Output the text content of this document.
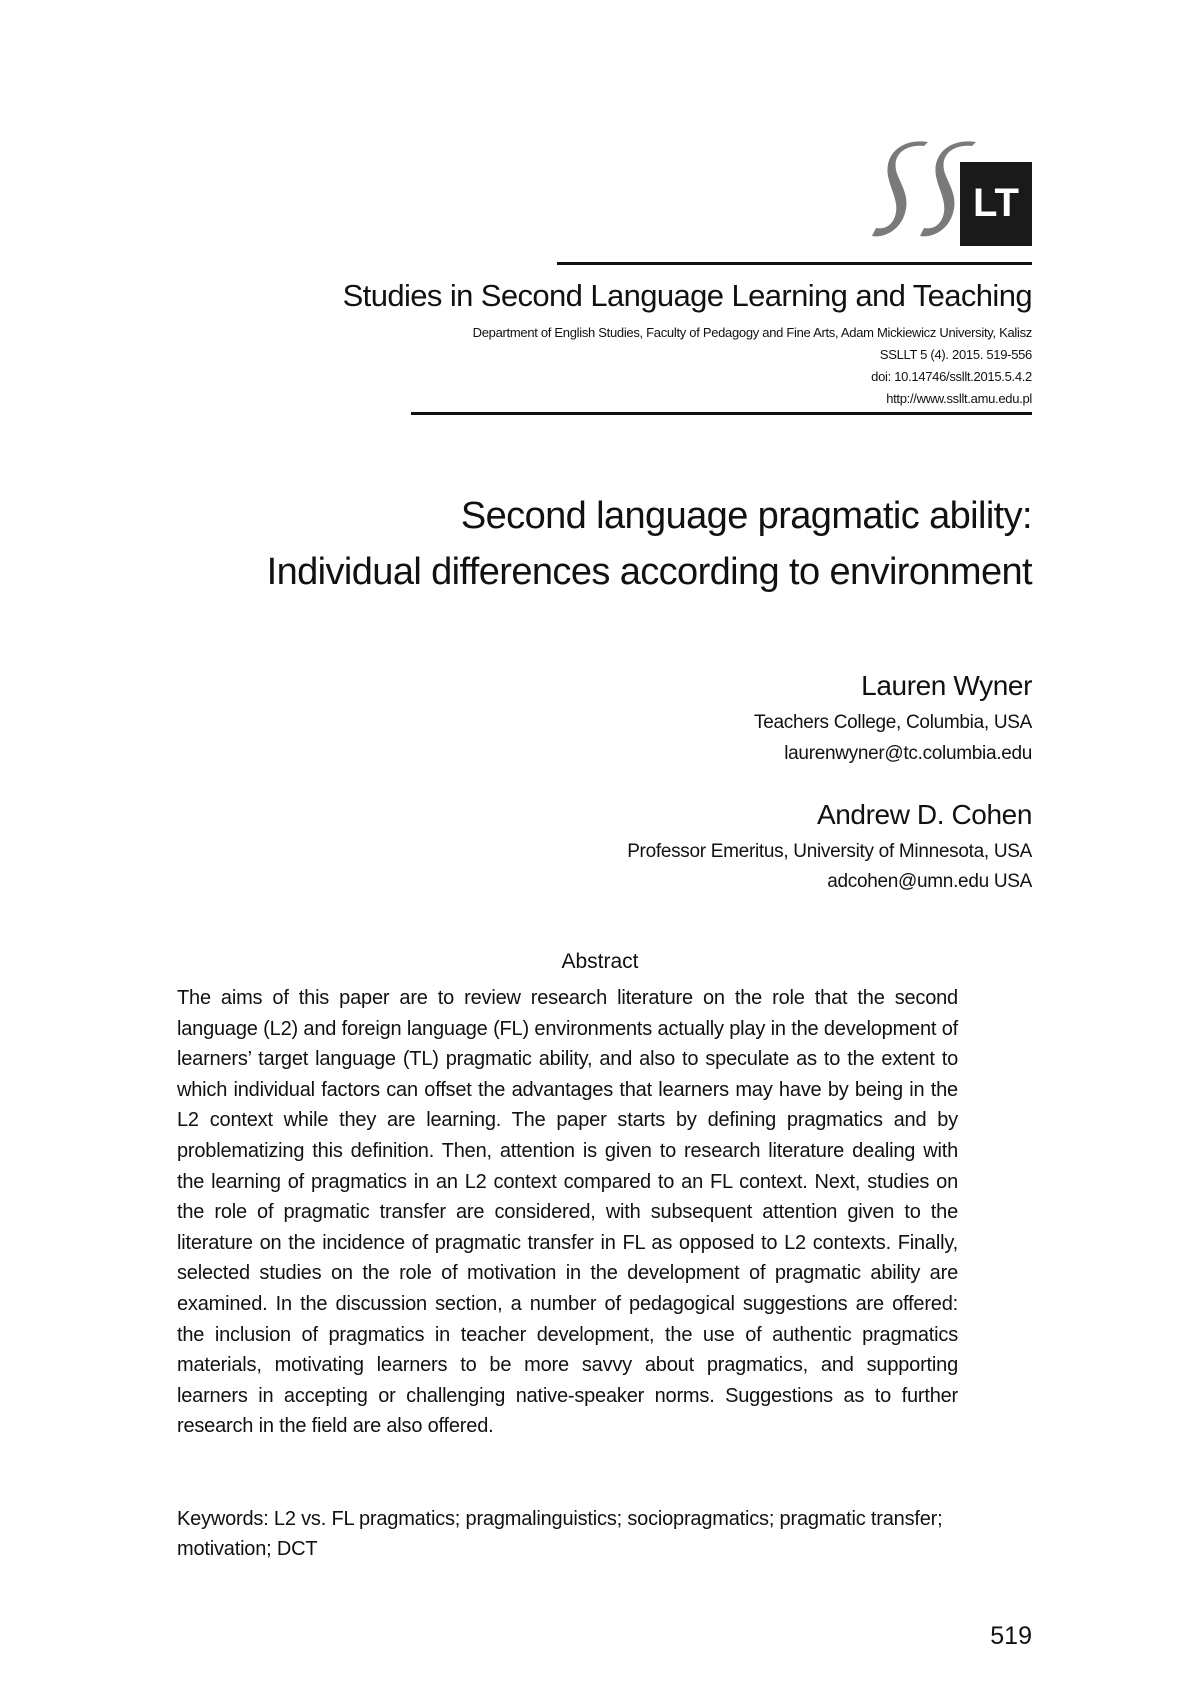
LT
Studies in Second Language Learning and Teaching
Department of English Studies, Faculty of Pedagogy and Fine Arts, Adam Mickiewicz University, Kalisz
SSLLT 5 (4). 2015. 519-556
doi: 10.14746/ssllt.2015.5.4.2
http://www.ssllt.amu.edu.pl
Second language pragmatic ability:
Individual differences according to environment
Lauren Wyner
Teachers College, Columbia, USA
laurenwyner@tc.columbia.edu
Andrew D. Cohen
Professor Emeritus, University of Minnesota, USA
adcohen@umn.edu USA
Abstract

The aims of this paper are to review research literature on the role that the second language (L2) and foreign language (FL) environments actually play in the development of learners’ target language (TL) pragmatic ability, and also to speculate as to the extent to which individual factors can offset the advantages that learners may have by being in the L2 context while they are learning. The paper starts by defining pragmatics and by problematizing this definition. Then, attention is given to research literature dealing with the learning of pragmatics in an L2 context compared to an FL context. Next, studies on the role of pragmatic transfer are considered, with subsequent attention given to the literature on the incidence of pragmatic transfer in FL as opposed to L2 contexts. Finally, selected studies on the role of motivation in the development of pragmatic ability are examined. In the discussion section, a number of pedagogical suggestions are offered: the inclusion of pragmatics in teacher development, the use of authentic pragmatics materials, motivating learners to be more savvy about pragmatics, and supporting learners in accepting or challenging native-speaker norms. Suggestions as to further research in the field are also offered.

Keywords: L2 vs. FL pragmatics; pragmalinguistics; sociopragmatics; pragmatic transfer; motivation; DCT

519
